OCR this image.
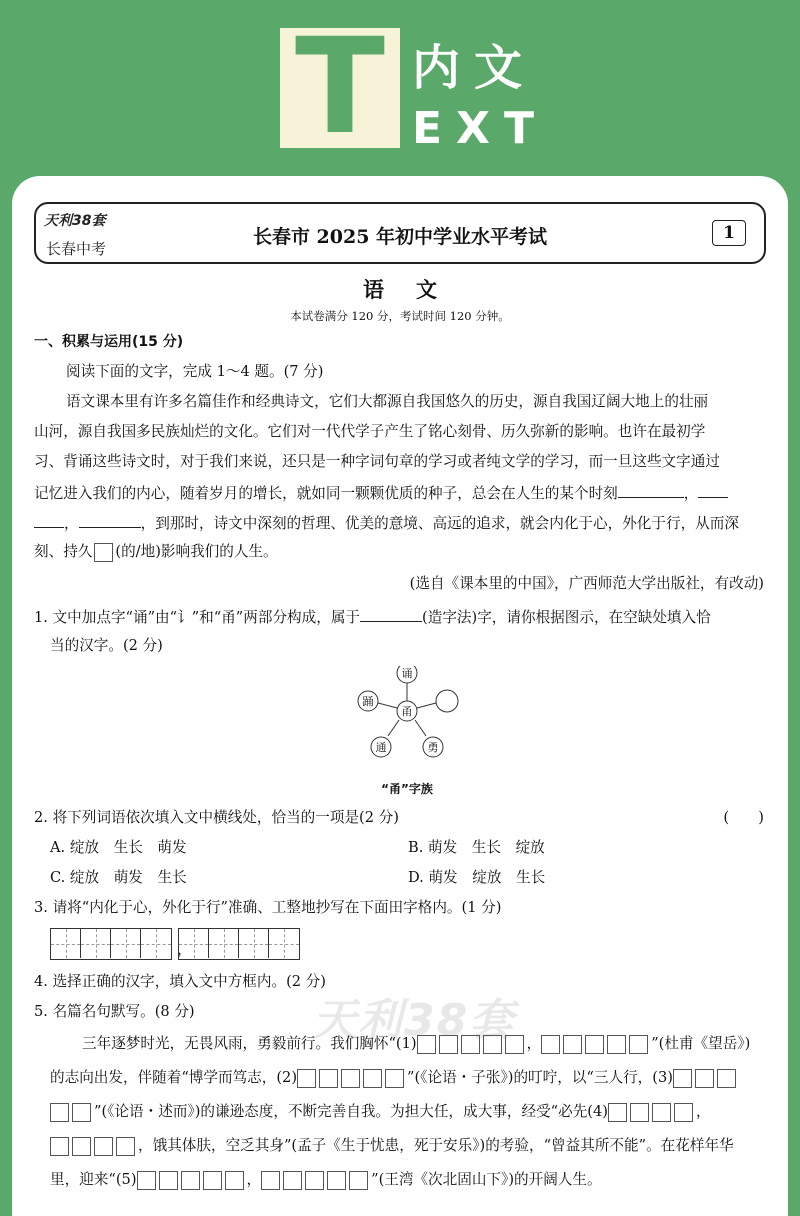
T 内文
EXT
天利38套
长春中考
长春市 2025 年初中学业水平考试	1
语文
本试卷满分 120 分，考试时间 120 分钟。
一、积累与运用(15 分)
阅读下面的文字，完成 1～4 题。(7 分)
语文课本里有许多名篇佳作和经典诗文，它们大都源自我国悠久的历史，源自我国辽阔大地上的壮丽
山河，源自我国多民族灿烂的文化。它们对一代代学子产生了铭心刻骨、历久弥新的影响。也许在最初学
习、背诵这些诗文时，对于我们来说，还只是一种字词句章的学习或者纯文学的学习，而一旦这些文字通过
记忆进入我们的内心，随着岁月的增长，就如同一颗颗优质的种子，总会在人生的某个时刻	，
，	，到那时，诗文中深刻的哲理、优美的意境、高远的追求，就会内化于心，外化于行，从而深
刻、持久 (的/地)影响我们的人生。
(选自《课本里的中国》，广西师范大学出版社，有改动)
1. 文中加点字“诵”由“讠”和“甬”两部分构成，属于	(造字法)字，请你根据图示，在空缺处填入恰
当的汉字。(2 分)
甬
诵
踊
通	勇
“甬”字族
2. 将下列词语依次填入文中横线处，恰当的一项是(2 分)	(　　)
A. 绽放　生长　萌发	B. 萌发　生长　绽放
C. 绽放　萌发　生长	D. 萌发　绽放　生长
3. 请将“内化于心，外化于行”准确、工整地抄写在下面田字格内。(1 分)
，
天利38套
4. 选择正确的汉字，填入文中方框内。(2 分)
5. 名篇名句默写。(8 分)
三年逐梦时光，无畏风雨，勇毅前行。我们胸怀“(1)	，	”(杜甫《望岳》)
的志向出发，伴随着“博学而笃志，(2)	”(《论语・子张》)的叮咛，以“三人行，(3)
”(《论语・述而》)的谦逊态度，不断完善自我。为担大任，成大事，经受“必先(4)	，
，饿其体肤，空乏其身”(孟子《生于忧患，死于安乐》)的考验，“曾益其所不能”。在花样年华
里，迎来“(5)	，	”(王湾《次北固山下》)的开阔人生。
